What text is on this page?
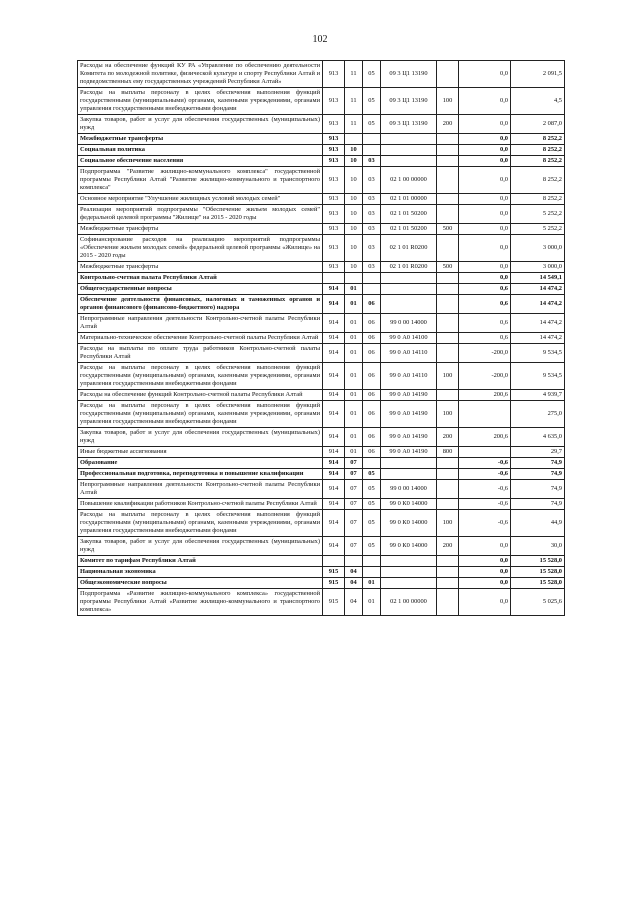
102
Расходы на обеспечение функций КУ РА «Управление по обеспечению деятельности Комитета по молодежной политике, физической культуре и спорту Республики Алтай и подведомственных ему государственных учреждений Республики Алтай»	913	11	05	09 3 Ц1 13190		0,0	2 091,5
Расходы на выплаты персоналу в целях обеспечения выполнения функций государственными (муниципальными) органами, казенными учреждениями, органами управления государственными внебюджетными фондами	913	11	05	09 3 Ц1 13190	100	0,0	4,5
Закупка товаров, работ и услуг для обеспечения государственных (муниципальных) нужд	913	11	05	09 3 Ц1 13190	200	0,0	2 087,0
Межбюджетные трансферты	913					0,0	8 252,2
Социальная политика	913	10				0,0	8 252,2
Социальное обеспечение населения	913	10	03			0,0	8 252,2
Подпрограмма "Развитие жилищно-коммунального комплекса" государственной программы Республики Алтай "Развитие жилищно-коммунального и транспортного комплекса"	913	10	03	02 1 00 00000		0,0	8 252,2
Основное мероприятие "Улучшение жилищных условий молодых семей"	913	10	03	02 1 01 00000		0,0	8 252,2
Реализация мероприятий подпрограммы "Обеспечение жильем молодых семей" федеральной целевой программы "Жилище" на 2015 - 2020 годы	913	10	03	02 1 01 50200		0,0	5 252,2
Межбюджетные трансферты	913	10	03	02 1 01 50200	500	0,0	5 252,2
Софинансирование расходов на реализацию мероприятий подпрограммы «Обеспечение жильем молодых семей» федеральной целевой программы «Жилище» на 2015 - 2020 годы	913	10	03	02 1 01 R0200		0,0	3 000,0
Межбюджетные трансферты	913	10	03	02 1 01 R0200	500	0,0	3 000,0
Контрольно-счетная палата Республики Алтай						0,0	14 549,1
Общегосударственные вопросы	914	01				0,6	14 474,2
Обеспечение деятельности финансовых, налоговых и таможенных органов и органов финансового (финансово-бюджетного) надзора	914	01	06			0,6	14 474,2
Непрограммные направления деятельности Контрольно-счетной палаты Республики Алтай	914	01	06	99 0 00 14000		0,6	14 474,2
Материально-техническое обеспечение Контрольно-счетной палаты Республики Алтай	914	01	06	99 0 А0 14100		0,6	14 474,2
Расходы на выплаты по оплате труда работников Контрольно-счетной палаты Республики Алтай	914	01	06	99 0 А0 14110		-200,0	9 534,5
Расходы на выплаты персоналу в целях обеспечения выполнения функций государственными (муниципальными) органами, казенными учреждениями, органами управления государственными внебюджетными фондами	914	01	06	99 0 А0 14110	100	-200,0	9 534,5
Расходы на обеспечение функций Контрольно-счетной палаты Республики Алтай	914	01	06	99 0 А0 14190		200,6	4 939,7
Расходы на выплаты персоналу в целях обеспечения выполнения функций государственными (муниципальными) органами, казенными учреждениями, органами управления государственными внебюджетными фондами	914	01	06	99 0 А0 14190	100		275,0
Закупка товаров, работ и услуг для обеспечения государственных (муниципальных) нужд	914	01	06	99 0 А0 14190	200	200,6	4 635,0
Иные бюджетные ассигнования	914	01	06	99 0 А0 14190	800		29,7
Образование	914	07				-0,6	74,9
Профессиональная подготовка, переподготовка и повышение квалификации	914	07	05			-0,6	74,9
Непрограммные направления деятельности Контрольно-счетной палаты Республики Алтай	914	07	05	99 0 00 14000		-0,6	74,9
Повышение квалификации работников Контрольно-счетной палаты Республики Алтай	914	07	05	99 0 К0 14000		-0,6	74,9
Расходы на выплаты персоналу в целях обеспечения выполнения функций государственными (муниципальными) органами, казенными учреждениями, органами управления государственными внебюджетными фондами	914	07	05	99 0 К0 14000	100	-0,6	44,9
Закупка товаров, работ и услуг для обеспечения государственных (муниципальных) нужд	914	07	05	99 0 К0 14000	200	0,0	30,0
Комитет по тарифам Республики Алтай						0,0	15 528,0
Национальная экономика	915	04				0,0	15 528,0
Общеэкономические вопросы	915	04	01			0,0	15 528,0
Подпрограмма «Развитие жилищно-коммунального комплекса» государственной программы Республики Алтай «Развитие жилищно-коммунального и транспортного комплекса»	915	04	01	02 1 00 00000		0,0	5 025,6
